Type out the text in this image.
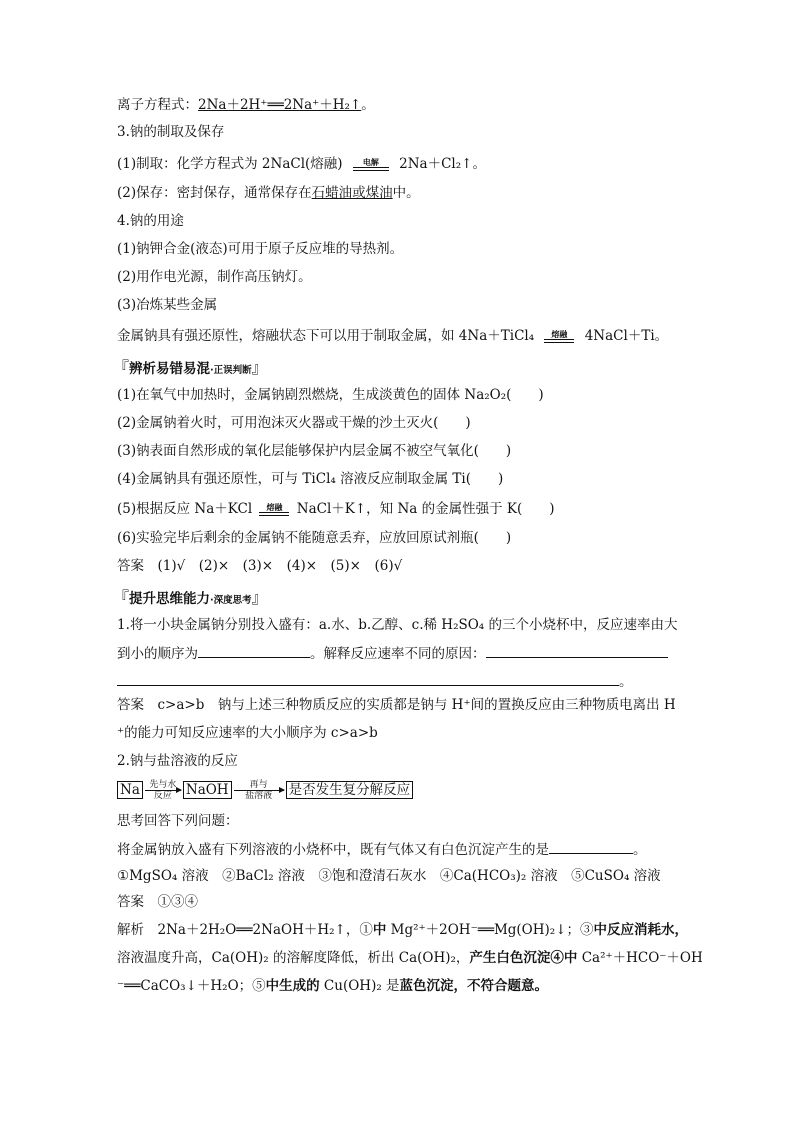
离子方程式：2Na＋2H⁺══2Na⁺＋H₂↑。
3.钠的制取及保存
(1)制取：化学方程式为 2NaCl(熔融)	电解	2Na＋Cl₂↑。
(2)保存：密封保存，通常保存在石蜡油或煤油中。
4.钠的用途
(1)钠钾合金(液态)可用于原子反应堆的导热剂。
(2)用作电光源，制作高压钠灯。
(3)冶炼某些金属
金属钠具有强还原性，熔融状态下可以用于制取金属，如 4Na＋TiCl₄	熔融	4NaCl＋Ti。
『辨析易错易混·正误判断』
(1)在氧气中加热时，金属钠剧烈燃烧，生成淡黄色的固体 Na₂O₂(　　)
(2)金属钠着火时，可用泡沫灭火器或干燥的沙土灭火(　　)
(3)钠表面自然形成的氧化层能够保护内层金属不被空气氧化(　　)
(4)金属钠具有强还原性，可与 TiCl₄ 溶液反应制取金属 Ti(　　)
(5)根据反应 Na＋KCl	熔融	NaCl＋K↑，知 Na 的金属性强于 K(　　)
(6)实验完毕后剩余的金属钠不能随意丢弃，应放回原试剂瓶(　　)
答案　 (1)√　(2)×　(3)×　(4)×　(5)×　(6)√
『提升思维能力·深度思考』
1.将一小块金属钠分别投入盛有：a.水、b.乙醇、c.稀 H₂SO₄ 的三个小烧杯中，反应速率由大
到小的顺序为	。解释反应速率不同的原因：
。
答案　 c>a>b　钠与上述三种物质反应的实质都是钠与 H⁺间的置换反应由三种物质电离出 H
⁺的能力可知反应速率的大小顺序为 c>a>b
2.钠与盐溶液的反应
Na	先与水
反应	NaOH	再与
盐溶液	是否发生复分解反应
思考回答下列问题：
将金属钠放入盛有下列溶液的小烧杯中，既有气体又有白色沉淀产生的是	。
①MgSO₄ 溶液　②BaCl₂ 溶液　③饱和澄清石灰水　④Ca(HCO₃)₂ 溶液　⑤CuSO₄ 溶液
答案　 ①③④
解析　 2Na＋2H₂O══2NaOH＋H₂↑，①中 Mg²⁺＋2OH⁻══Mg(OH)₂↓；③中反应消耗水，
溶液温度升高，Ca(OH)₂ 的溶解度降低，析出 Ca(OH)₂，产生白色沉淀④中 Ca²⁺＋HCO⁻＋OH
⁻══CaCO₃↓＋H₂O；⑤中生成的 Cu(OH)₂ 是蓝色沉淀，不符合题意。
